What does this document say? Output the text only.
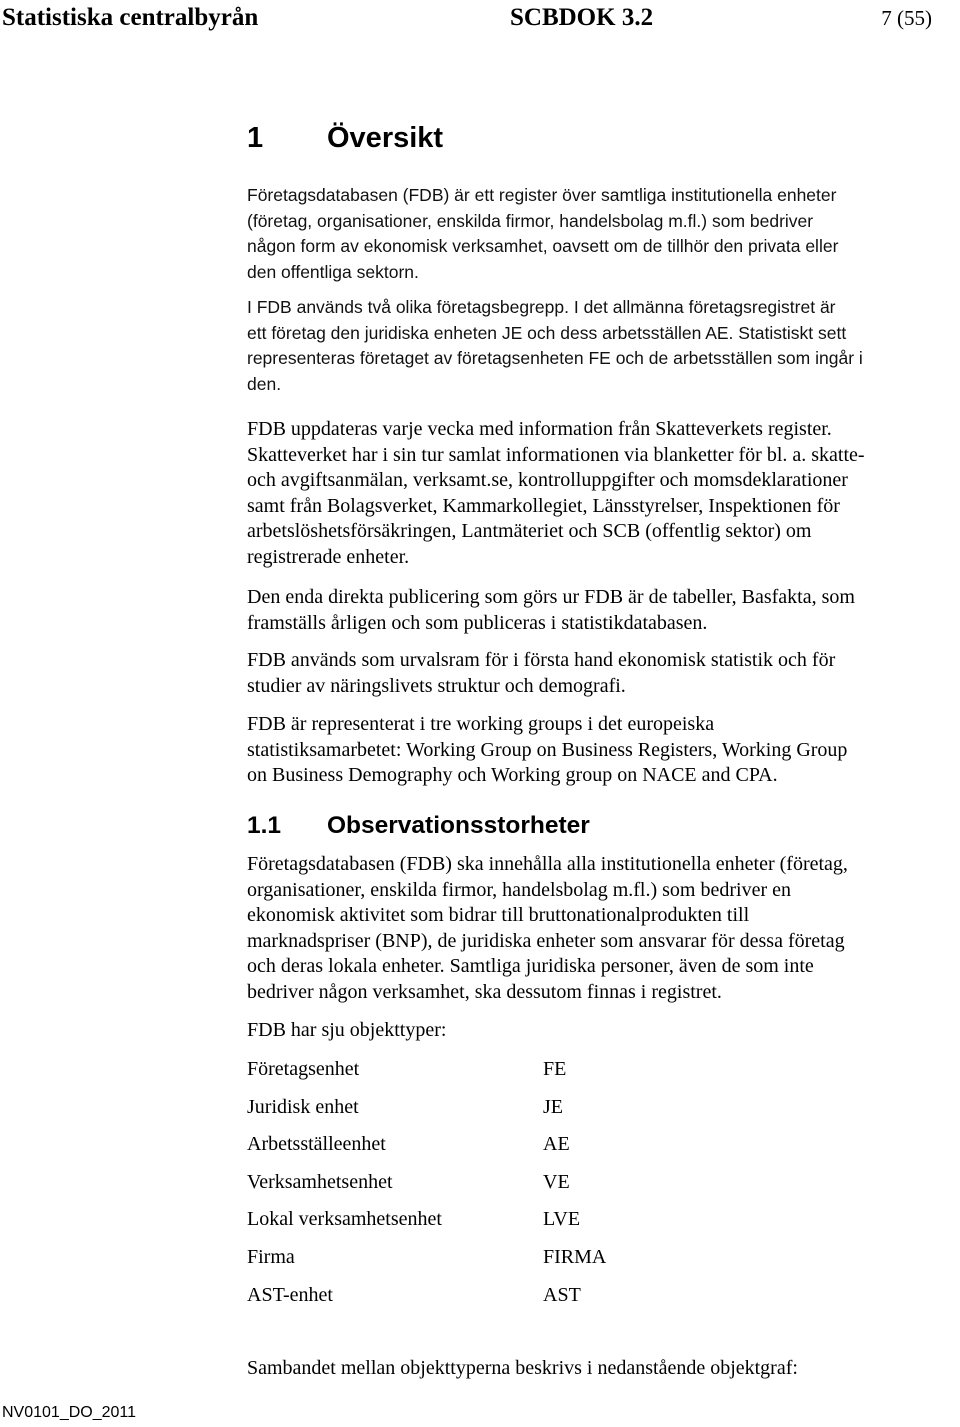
Statistiska centralbyrån	SCBDOK 3.2	7 (55)
1 Översikt
Företagsdatabasen (FDB) är ett register över samtliga institutionella enheter
(företag, organisationer, enskilda firmor, handelsbolag m.fl.) som bedriver
någon form av ekonomisk verksamhet, oavsett om de tillhör den privata eller
den offentliga sektorn.
I FDB används två olika företagsbegrepp. I det allmänna företagsregistret är
ett företag den juridiska enheten JE och dess arbetsställen AE. Statistiskt sett
representeras företaget av företagsenheten FE och de arbetsställen som ingår i
den.
FDB uppdateras varje vecka med information från Skatteverkets register.
Skatteverket har i sin tur samlat informationen via blanketter för bl. a. skatte-
och avgiftsanmälan, verksamt.se, kontrolluppgifter och momsdeklarationer
samt från Bolagsverket, Kammarkollegiet, Länsstyrelser, Inspektionen för
arbetslöshetsförsäkringen, Lantmäteriet och SCB (offentlig sektor) om
registrerade enheter.
Den enda direkta publicering som görs ur FDB är de tabeller, Basfakta, som
framställs årligen och som publiceras i statistikdatabasen.
FDB används som urvalsram för i första hand ekonomisk statistik och för
studier av näringslivets struktur och demografi.
FDB är representerat i tre working groups i det europeiska
statistiksamarbetet: Working Group on Business Registers, Working Group
on Business Demography och Working group on NACE and CPA.
1.1 Observationsstorheter
Företagsdatabasen (FDB) ska innehålla alla institutionella enheter (företag,
organisationer, enskilda firmor, handelsbolag m.fl.) som bedriver en
ekonomisk aktivitet som bidrar till bruttonationalprodukten till
marknadspriser (BNP), de juridiska enheter som ansvarar för dessa företag
och deras lokala enheter. Samtliga juridiska personer, även de som inte
bedriver någon verksamhet, ska dessutom finnas i registret.
FDB har sju objekttyper:
Företagsenhet	FE
Juridisk enhet	JE
Arbetsställeenhet	AE
Verksamhetsenhet	VE
Lokal verksamhetsenhet	LVE
Firma	FIRMA
AST-enhet	AST
Sambandet mellan objekttyperna beskrivs i nedanstående objektgraf:
NV0101_DO_2011
